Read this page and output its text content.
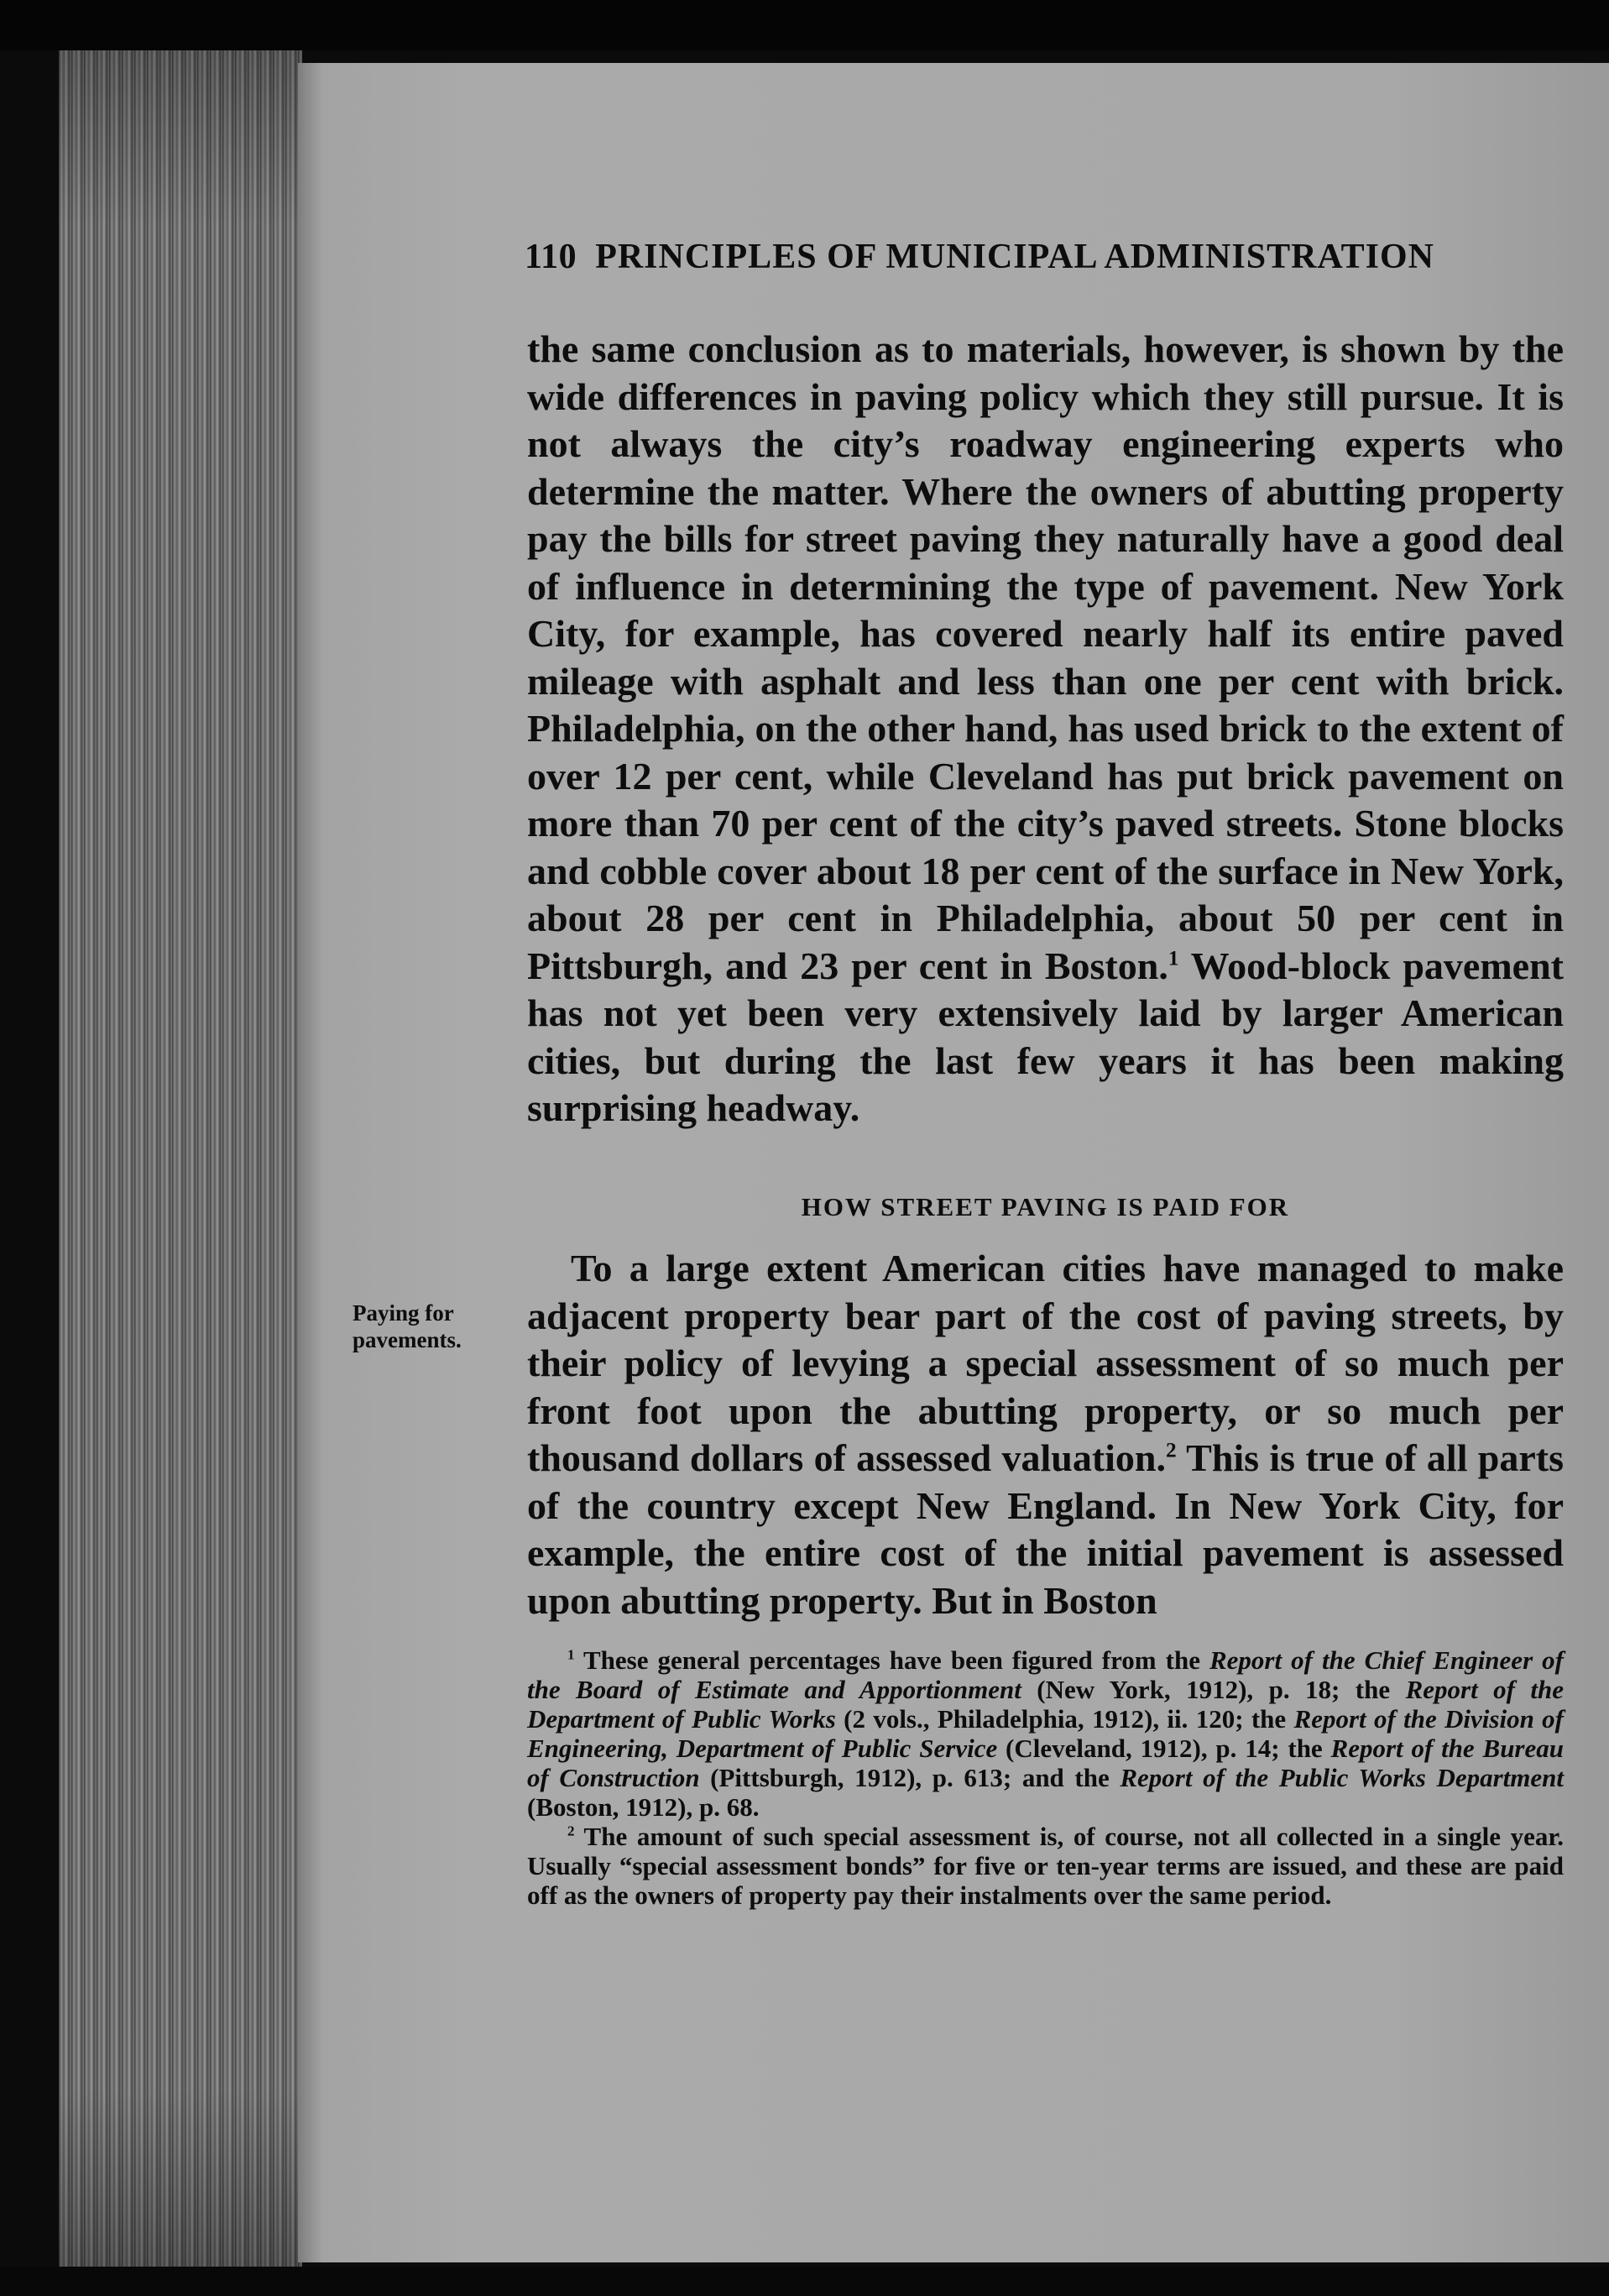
110 PRINCIPLES OF MUNICIPAL ADMINISTRATION

the same conclusion as to materials, however, is shown by the wide differences in paving policy which they still pursue. It is not always the city’s roadway engineering experts who determine the matter. Where the owners of abutting property pay the bills for street paving they naturally have a good deal of influence in determining the type of pavement. New York City, for example, has covered nearly half its entire paved mileage with asphalt and less than one per cent with brick. Philadelphia, on the other hand, has used brick to the extent of over 12 per cent, while Cleveland has put brick pavement on more than 70 per cent of the city’s paved streets. Stone blocks and cobble cover about 18 per cent of the surface in New York, about 28 per cent in Philadelphia, about 50 per cent in Pittsburgh, and 23 per cent in Boston.$^1$ Wood-block pavement has not yet been very extensively laid by larger American cities, but during the last few years it has been making surprising headway.

HOW STREET PAVING IS PAID FOR
Paying for pavements.

To a large extent American cities have managed to make adjacent property bear part of the cost of paving streets, by their policy of levying a special assessment of so much per front foot upon the abutting property, or so much per thousand dollars of assessed valuation.$^2$ This is true of all parts of the country except New England. In New York City, for example, the entire cost of the initial pavement is assessed upon abutting property. But in Boston

$^1$ These general percentages have been figured from the Report of the Chief Engineer of the Board of Estimate and Apportionment (New York, 1912), p. 18; the Report of the Department of Public Works (2 vols., Philadelphia, 1912), ii. 120; the Report of the Division of Engineering, Department of Public Service (Cleveland, 1912), p. 14; the Report of the Bureau of Construction (Pittsburgh, 1912), p. 613; and the Report of the Public Works Department (Boston, 1912), p. 68.

$^2$ The amount of such special assessment is, of course, not all collected in a single year. Usually “special assessment bonds” for five or ten-year terms are issued, and these are paid off as the owners of property pay their instalments over the same period.
